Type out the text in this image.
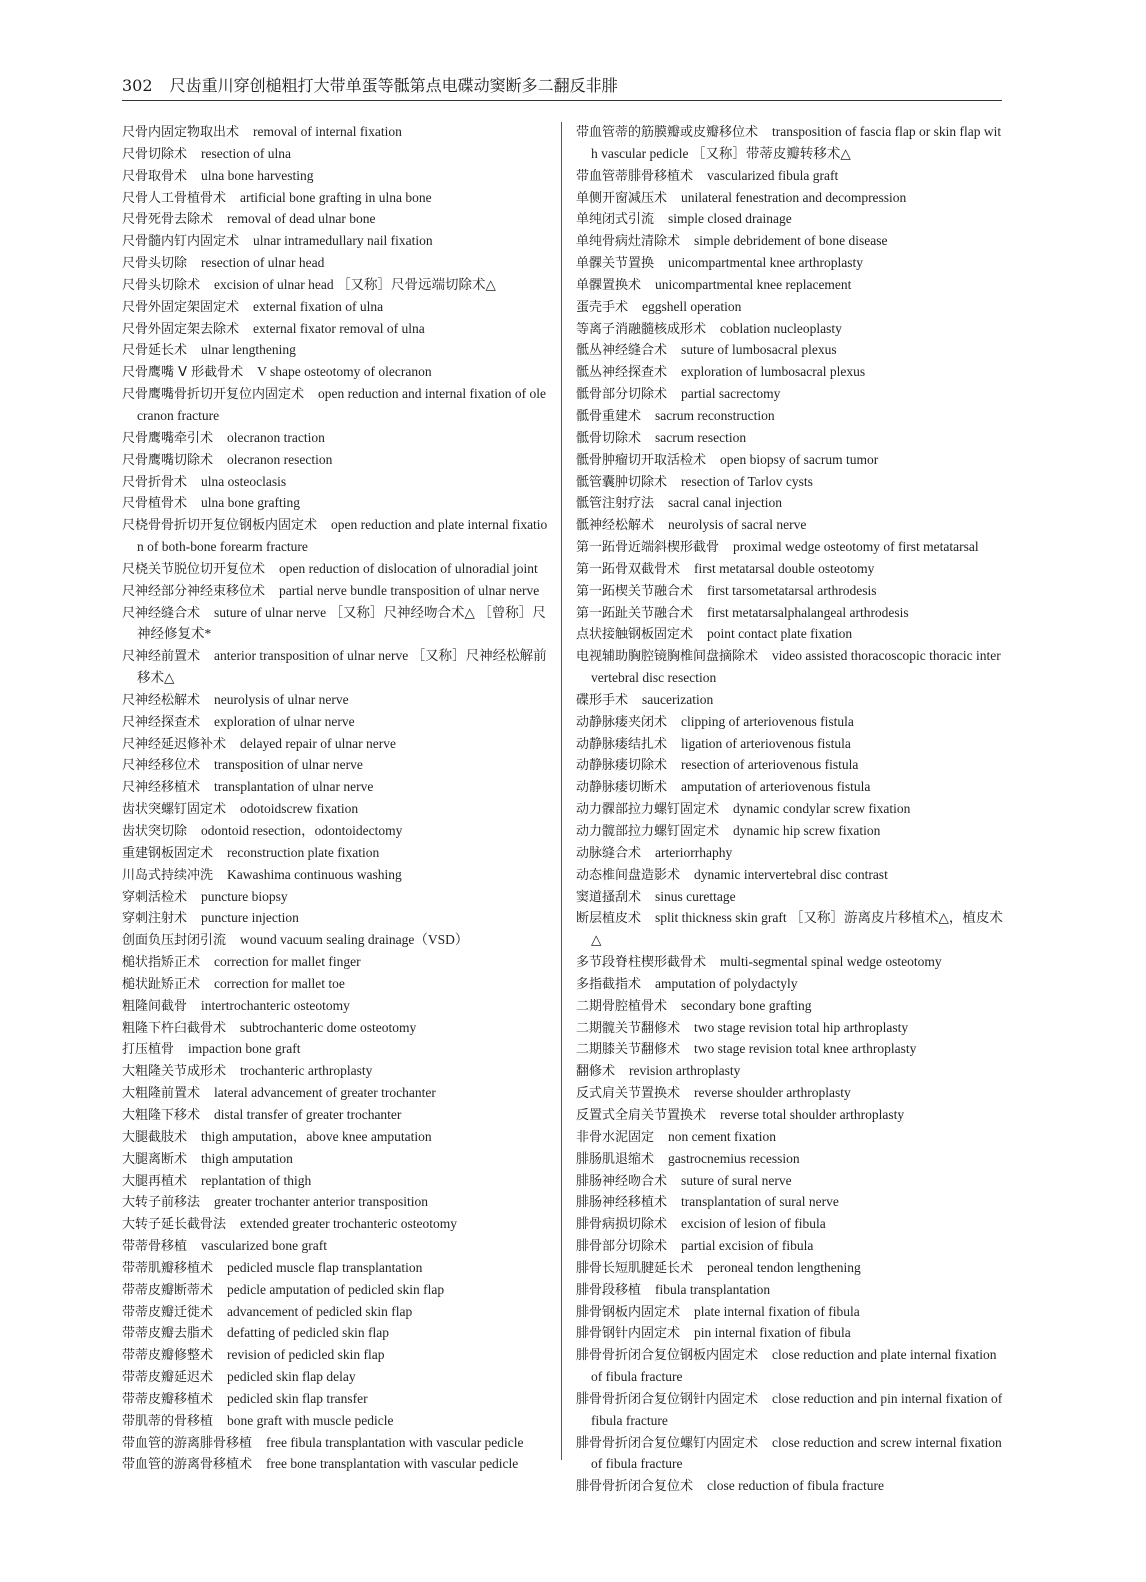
302 尺齿重川穿创槌粗打大带单蛋等骶第点电碟动窦断多二翻反非腓
尺骨内固定物取出术 removal of internal fixation
尺骨切除术 resection of ulna
尺骨取骨术 ulna bone harvesting
尺骨人工骨植骨术 artificial bone grafting in ulna bone
尺骨死骨去除术 removal of dead ulnar bone
尺骨髓内钉内固定术 ulnar intramedullary nail fixation
尺骨头切除 resection of ulnar head
尺骨头切除术 excision of ulnar head ［又称］尺骨远端切除术△
尺骨外固定架固定术 external fixation of ulna
尺骨外固定架去除术 external fixator removal of ulna
尺骨延长术 ulnar lengthening
尺骨鹰嘴 V 形截骨术 V shape osteotomy of olecranon
尺骨鹰嘴骨折切开复位内固定术 open reduction and internal fixation of olecranon fracture
尺骨鹰嘴牵引术 olecranon traction
尺骨鹰嘴切除术 olecranon resection
尺骨折骨术 ulna osteoclasis
尺骨植骨术 ulna bone grafting
尺桡骨骨折切开复位钢板内固定术 open reduction and plate internal fixation of both-bone forearm fracture
尺桡关节脱位切开复位术 open reduction of dislocation of ulnoradial joint
尺神经部分神经束移位术 partial nerve bundle transposition of ulnar nerve
尺神经缝合术 suture of ulnar nerve ［又称］尺神经吻合术△ ［曾称］尺神经修复术*
尺神经前置术 anterior transposition of ulnar nerve ［又称］尺神经松解前移术△
尺神经松解术 neurolysis of ulnar nerve
尺神经探查术 exploration of ulnar nerve
尺神经延迟修补术 delayed repair of ulnar nerve
尺神经移位术 transposition of ulnar nerve
尺神经移植术 transplantation of ulnar nerve
齿状突螺钉固定术 odotoidscrew fixation
齿状突切除 odontoid resection，odontoidectomy
重建钢板固定术 reconstruction plate fixation
川岛式持续冲洗 Kawashima continuous washing
穿刺活检术 puncture biopsy
穿刺注射术 puncture injection
创面负压封闭引流 wound vacuum sealing drainage（VSD）
槌状指矫正术 correction for mallet finger
槌状趾矫正术 correction for mallet toe
粗隆间截骨 intertrochanteric osteotomy
粗隆下杵臼截骨术 subtrochanteric dome osteotomy
打压植骨 impaction bone graft
大粗隆关节成形术 trochanteric arthroplasty
大粗隆前置术 lateral advancement of greater trochanter
大粗隆下移术 distal transfer of greater trochanter
大腿截肢术 thigh amputation，above knee amputation
大腿离断术 thigh amputation
大腿再植术 replantation of thigh
大转子前移法 greater trochanter anterior transposition
大转子延长截骨法 extended greater trochanteric osteotomy
带蒂骨移植 vascularized bone graft
带蒂肌瓣移植术 pedicled muscle flap transplantation
带蒂皮瓣断蒂术 pedicle amputation of pedicled skin flap
带蒂皮瓣迁徙术 advancement of pedicled skin flap
带蒂皮瓣去脂术 defatting of pedicled skin flap
带蒂皮瓣修整术 revision of pedicled skin flap
带蒂皮瓣延迟术 pedicled skin flap delay
带蒂皮瓣移植术 pedicled skin flap transfer
带肌蒂的骨移植 bone graft with muscle pedicle
带血管的游离腓骨移植 free fibula transplantation with vascular pedicle
带血管的游离骨移植术 free bone transplantation with vascular pedicle
带血管蒂的筋膜瓣或皮瓣移位术 transposition of fascia flap or skin flap with vascular pedicle ［又称］带蒂皮瓣转移术△
带血管蒂腓骨移植术 vascularized fibula graft
单侧开窗减压术 unilateral fenestration and decompression
单纯闭式引流 simple closed drainage
单纯骨病灶清除术 simple debridement of bone disease
单髁关节置换 unicompartmental knee arthroplasty
单髁置换术 unicompartmental knee replacement
蛋壳手术 eggshell operation
等离子消融髓核成形术 coblation nucleoplasty
骶丛神经缝合术 suture of lumbosacral plexus
骶丛神经探查术 exploration of lumbosacral plexus
骶骨部分切除术 partial sacrectomy
骶骨重建术 sacrum reconstruction
骶骨切除术 sacrum resection
骶骨肿瘤切开取活检术 open biopsy of sacrum tumor
骶管囊肿切除术 resection of Tarlov cysts
骶管注射疗法 sacral canal injection
骶神经松解术 neurolysis of sacral nerve
第一跖骨近端斜楔形截骨 proximal wedge osteotomy of first metatarsal
第一跖骨双截骨术 first metatarsal double osteotomy
第一跖楔关节融合术 first tarsometatarsal arthrodesis
第一跖趾关节融合术 first metatarsalphalangeal arthrodesis
点状接触钢板固定术 point contact plate fixation
电视辅助胸腔镜胸椎间盘摘除术 video assisted thoracoscopic thoracic intervertebral disc resection
碟形手术 saucerization
动静脉瘘夹闭术 clipping of arteriovenous fistula
动静脉瘘结扎术 ligation of arteriovenous fistula
动静脉瘘切除术 resection of arteriovenous fistula
动静脉瘘切断术 amputation of arteriovenous fistula
动力髁部拉力螺钉固定术 dynamic condylar screw fixation
动力髋部拉力螺钉固定术 dynamic hip screw fixation
动脉缝合术 arteriorrhaphy
动态椎间盘造影术 dynamic intervertebral disc contrast
窦道搔刮术 sinus curettage
断层植皮术 split thickness skin graft ［又称］游离皮片移植术△，植皮术△
多节段脊柱楔形截骨术 multi-segmental spinal wedge osteotomy
多指截指术 amputation of polydactyly
二期骨腔植骨术 secondary bone grafting
二期髋关节翻修术 two stage revision total hip arthroplasty
二期膝关节翻修术 two stage revision total knee arthroplasty
翻修术 revision arthroplasty
反式肩关节置换术 reverse shoulder arthroplasty
反置式全肩关节置换术 reverse total shoulder arthroplasty
非骨水泥固定 non cement fixation
腓肠肌退缩术 gastrocnemius recession
腓肠神经吻合术 suture of sural nerve
腓肠神经移植术 transplantation of sural nerve
腓骨病损切除术 excision of lesion of fibula
腓骨部分切除术 partial excision of fibula
腓骨长短肌腱延长术 peroneal tendon lengthening
腓骨段移植 fibula transplantation
腓骨钢板内固定术 plate internal fixation of fibula
腓骨钢针内固定术 pin internal fixation of fibula
腓骨骨折闭合复位钢板内固定术 close reduction and plate internal fixation of fibula fracture
腓骨骨折闭合复位钢针内固定术 close reduction and pin internal fixation of fibula fracture
腓骨骨折闭合复位螺钉内固定术 close reduction and screw internal fixation of fibula fracture
腓骨骨折闭合复位术 close reduction of fibula fracture
